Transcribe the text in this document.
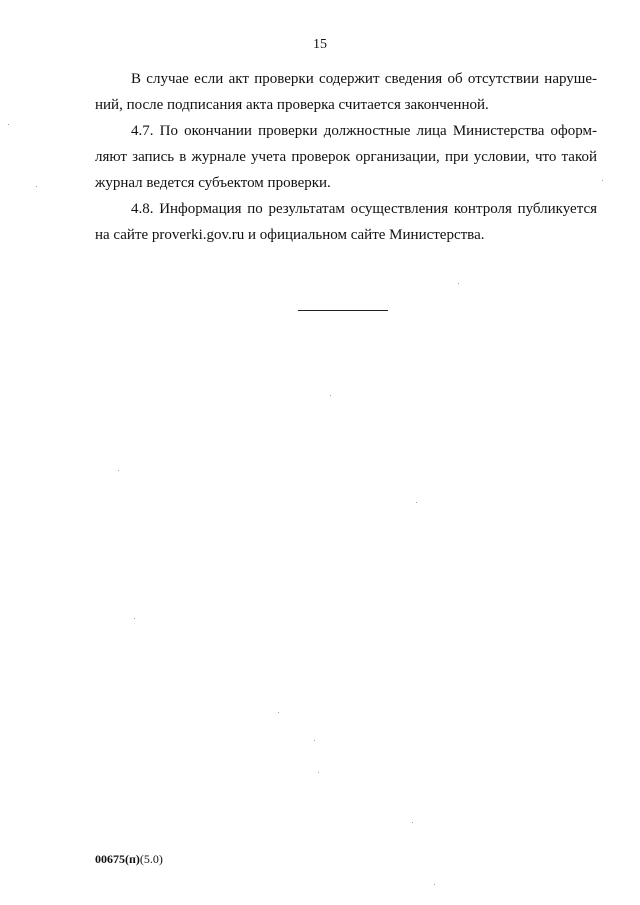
15

В случае если акт проверки содержит сведения об отсутствии наруше-
ний, после подписания акта проверка считается законченной.

4.7. По окончании проверки должностные лица Министерства оформ-
ляют запись в журнале учета проверок организации, при условии, что такой
журнал ведется субъектом проверки.

4.8. Информация по результатам осуществления контроля публикуется
на сайте proverki.gov.ru и официальном сайте Министерства.

00675(п)(5.0)
